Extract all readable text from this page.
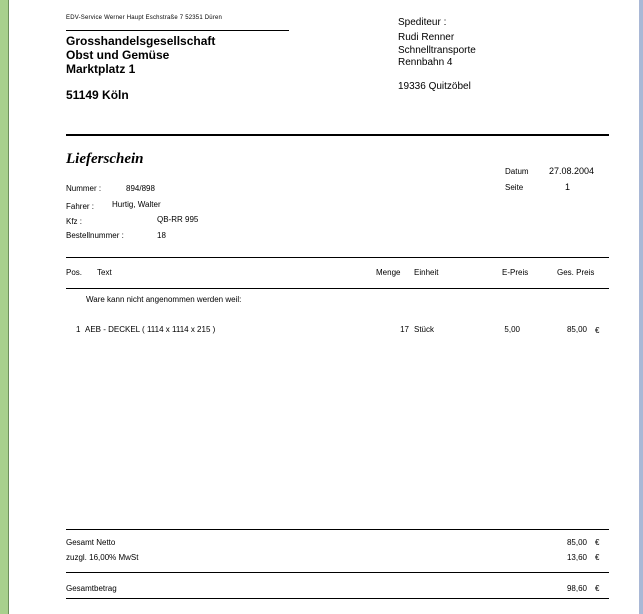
EDV-Service Werner Haupt Eschstraße 7 52351 Düren
Grosshandelsgesellschaft
Obst und Gemüse
Marktplatz 1
51149 Köln
Spediteur :
Rudi Renner
Schnelltransporte
Rennbahn 4
19336 Quitzöbel
Lieferschein
Datum 27.08.2004
Seite	1
Nummer :	894/898
Fahrer : Hurtig, Walter
Kfz :	QB-RR 995
Bestellnummer :	18
Pos. Text	Menge Einheit	E-Preis	Ges. Preis
Ware kann nicht angenommen werden weil:
1 AEB - DECKEL ( 1114 x 1114 x 215 )	17 Stück	5,00	85,00 €
Gesamt Netto	85,00 €
zuzgl. 16,00% MwSt	13,60 €
Gesamtbetrag	98,60 €
